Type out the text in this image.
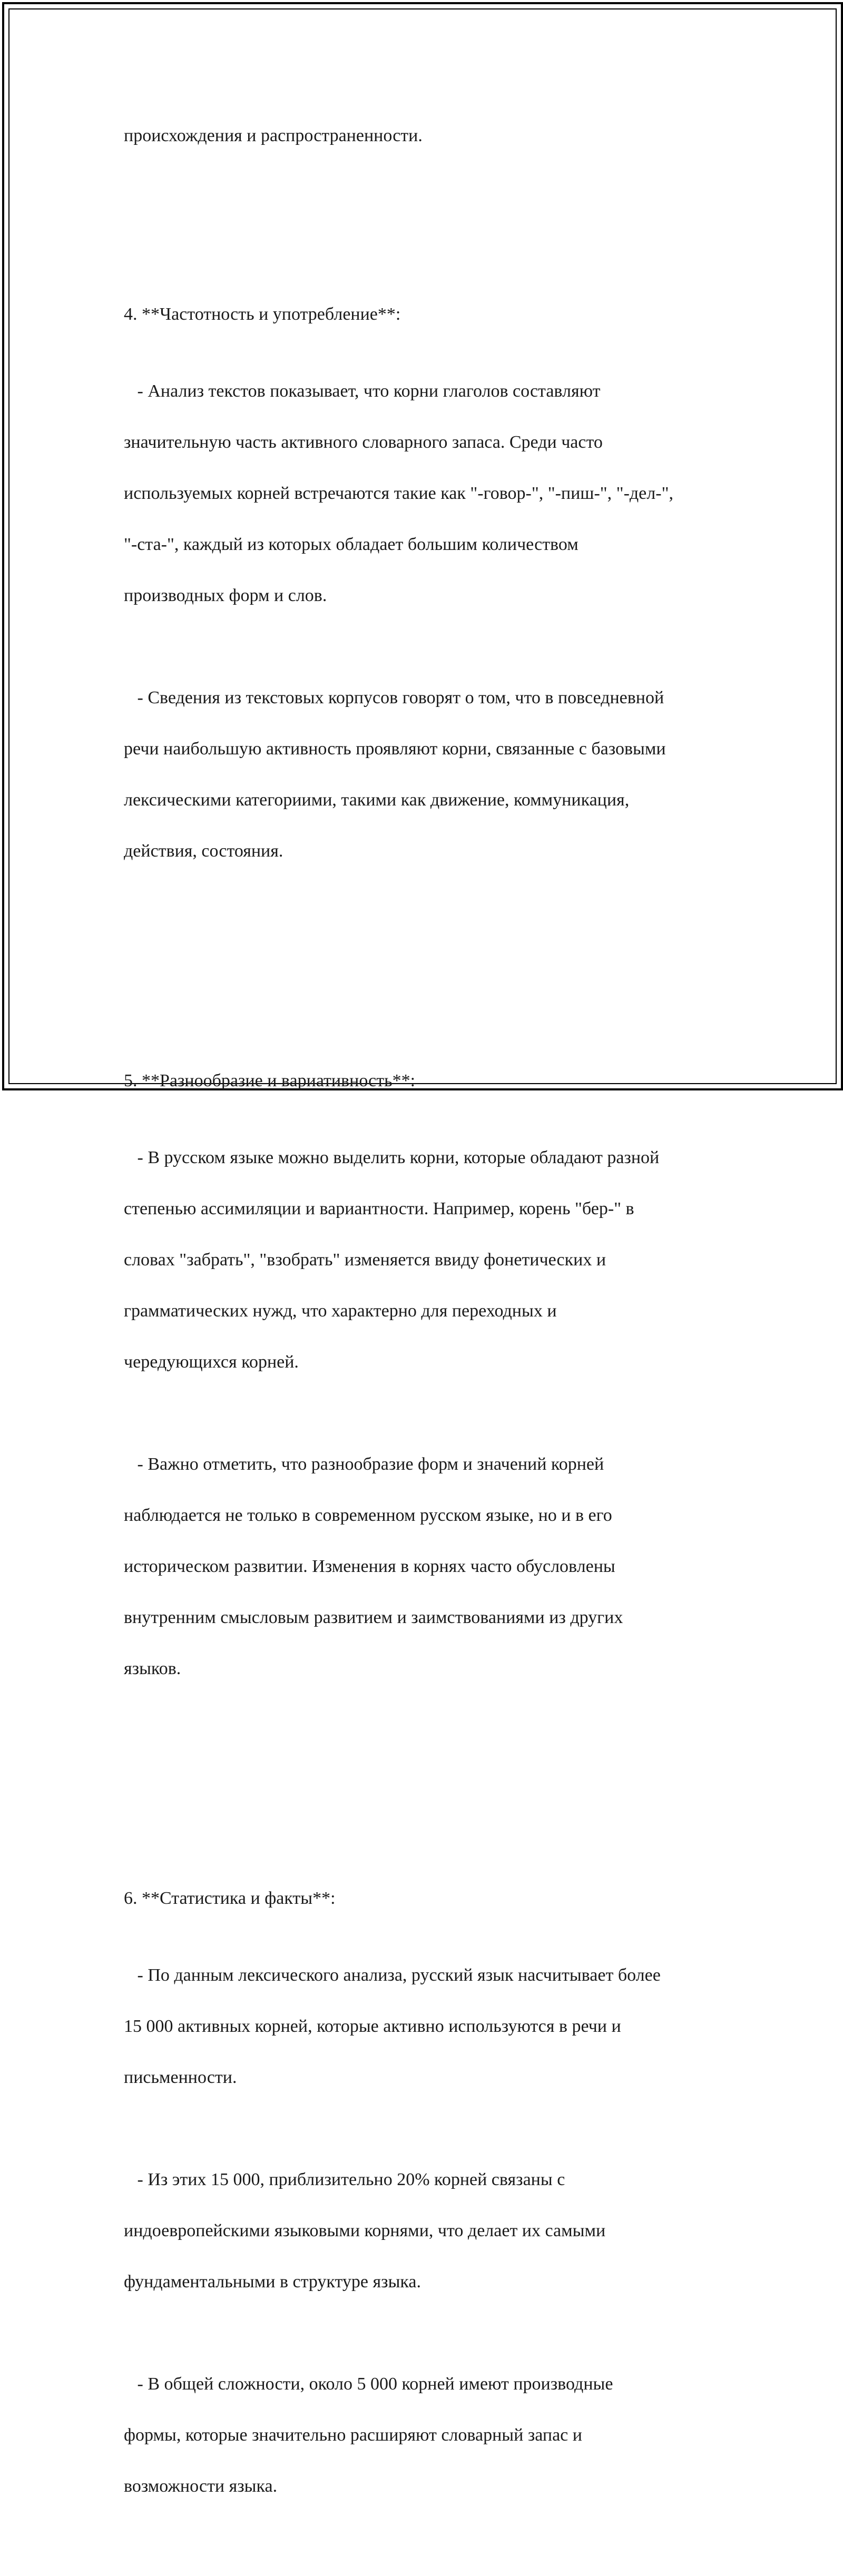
происхождения и распространенности.

4. **Частотность и употребление**:

- Анализ текстов показывает, что корни глаголов составляют

значительную часть активного словарного запаса. Среди часто

используемых корней встречаются такие как "-говор-", "-пиш-", "-дел-",

"-ста-", каждый из которых обладает большим количеством

производных форм и слов.

- Сведения из текстовых корпусов говорят о том, что в повседневной

речи наибольшую активность проявляют корни, связанные с базовыми

лексическими категориими, такими как движение, коммуникация,

действия, состояния.

5. **Разнообразие и вариативность**:

- В русском языке можно выделить корни, которые обладают разной

степенью ассимиляции и вариантности. Например, корень "бер-" в

словах "забрать", "взобрать" изменяется ввиду фонетических и

грамматических нужд, что характерно для переходных и

чередующихся корней.

- Важно отметить, что разнообразие форм и значений корней

наблюдается не только в современном русском языке, но и в его

историческом развитии. Изменения в корнях часто обусловлены

внутренним смысловым развитием и заимствованиями из других

языков.

6. **Статистика и факты**:

- По данным лексического анализа, русский язык насчитывает более

15 000 активных корней, которые активно используются в речи и

письменности.

- Из этих 15 000, приблизительно 20% корней связаны с

индоевропейскими языковыми корнями, что делает их самыми

фундаментальными в структуре языка.

- В общей сложности, около 5 000 корней имеют производные

формы, которые значительно расширяют словарный запас и

возможности языка.
